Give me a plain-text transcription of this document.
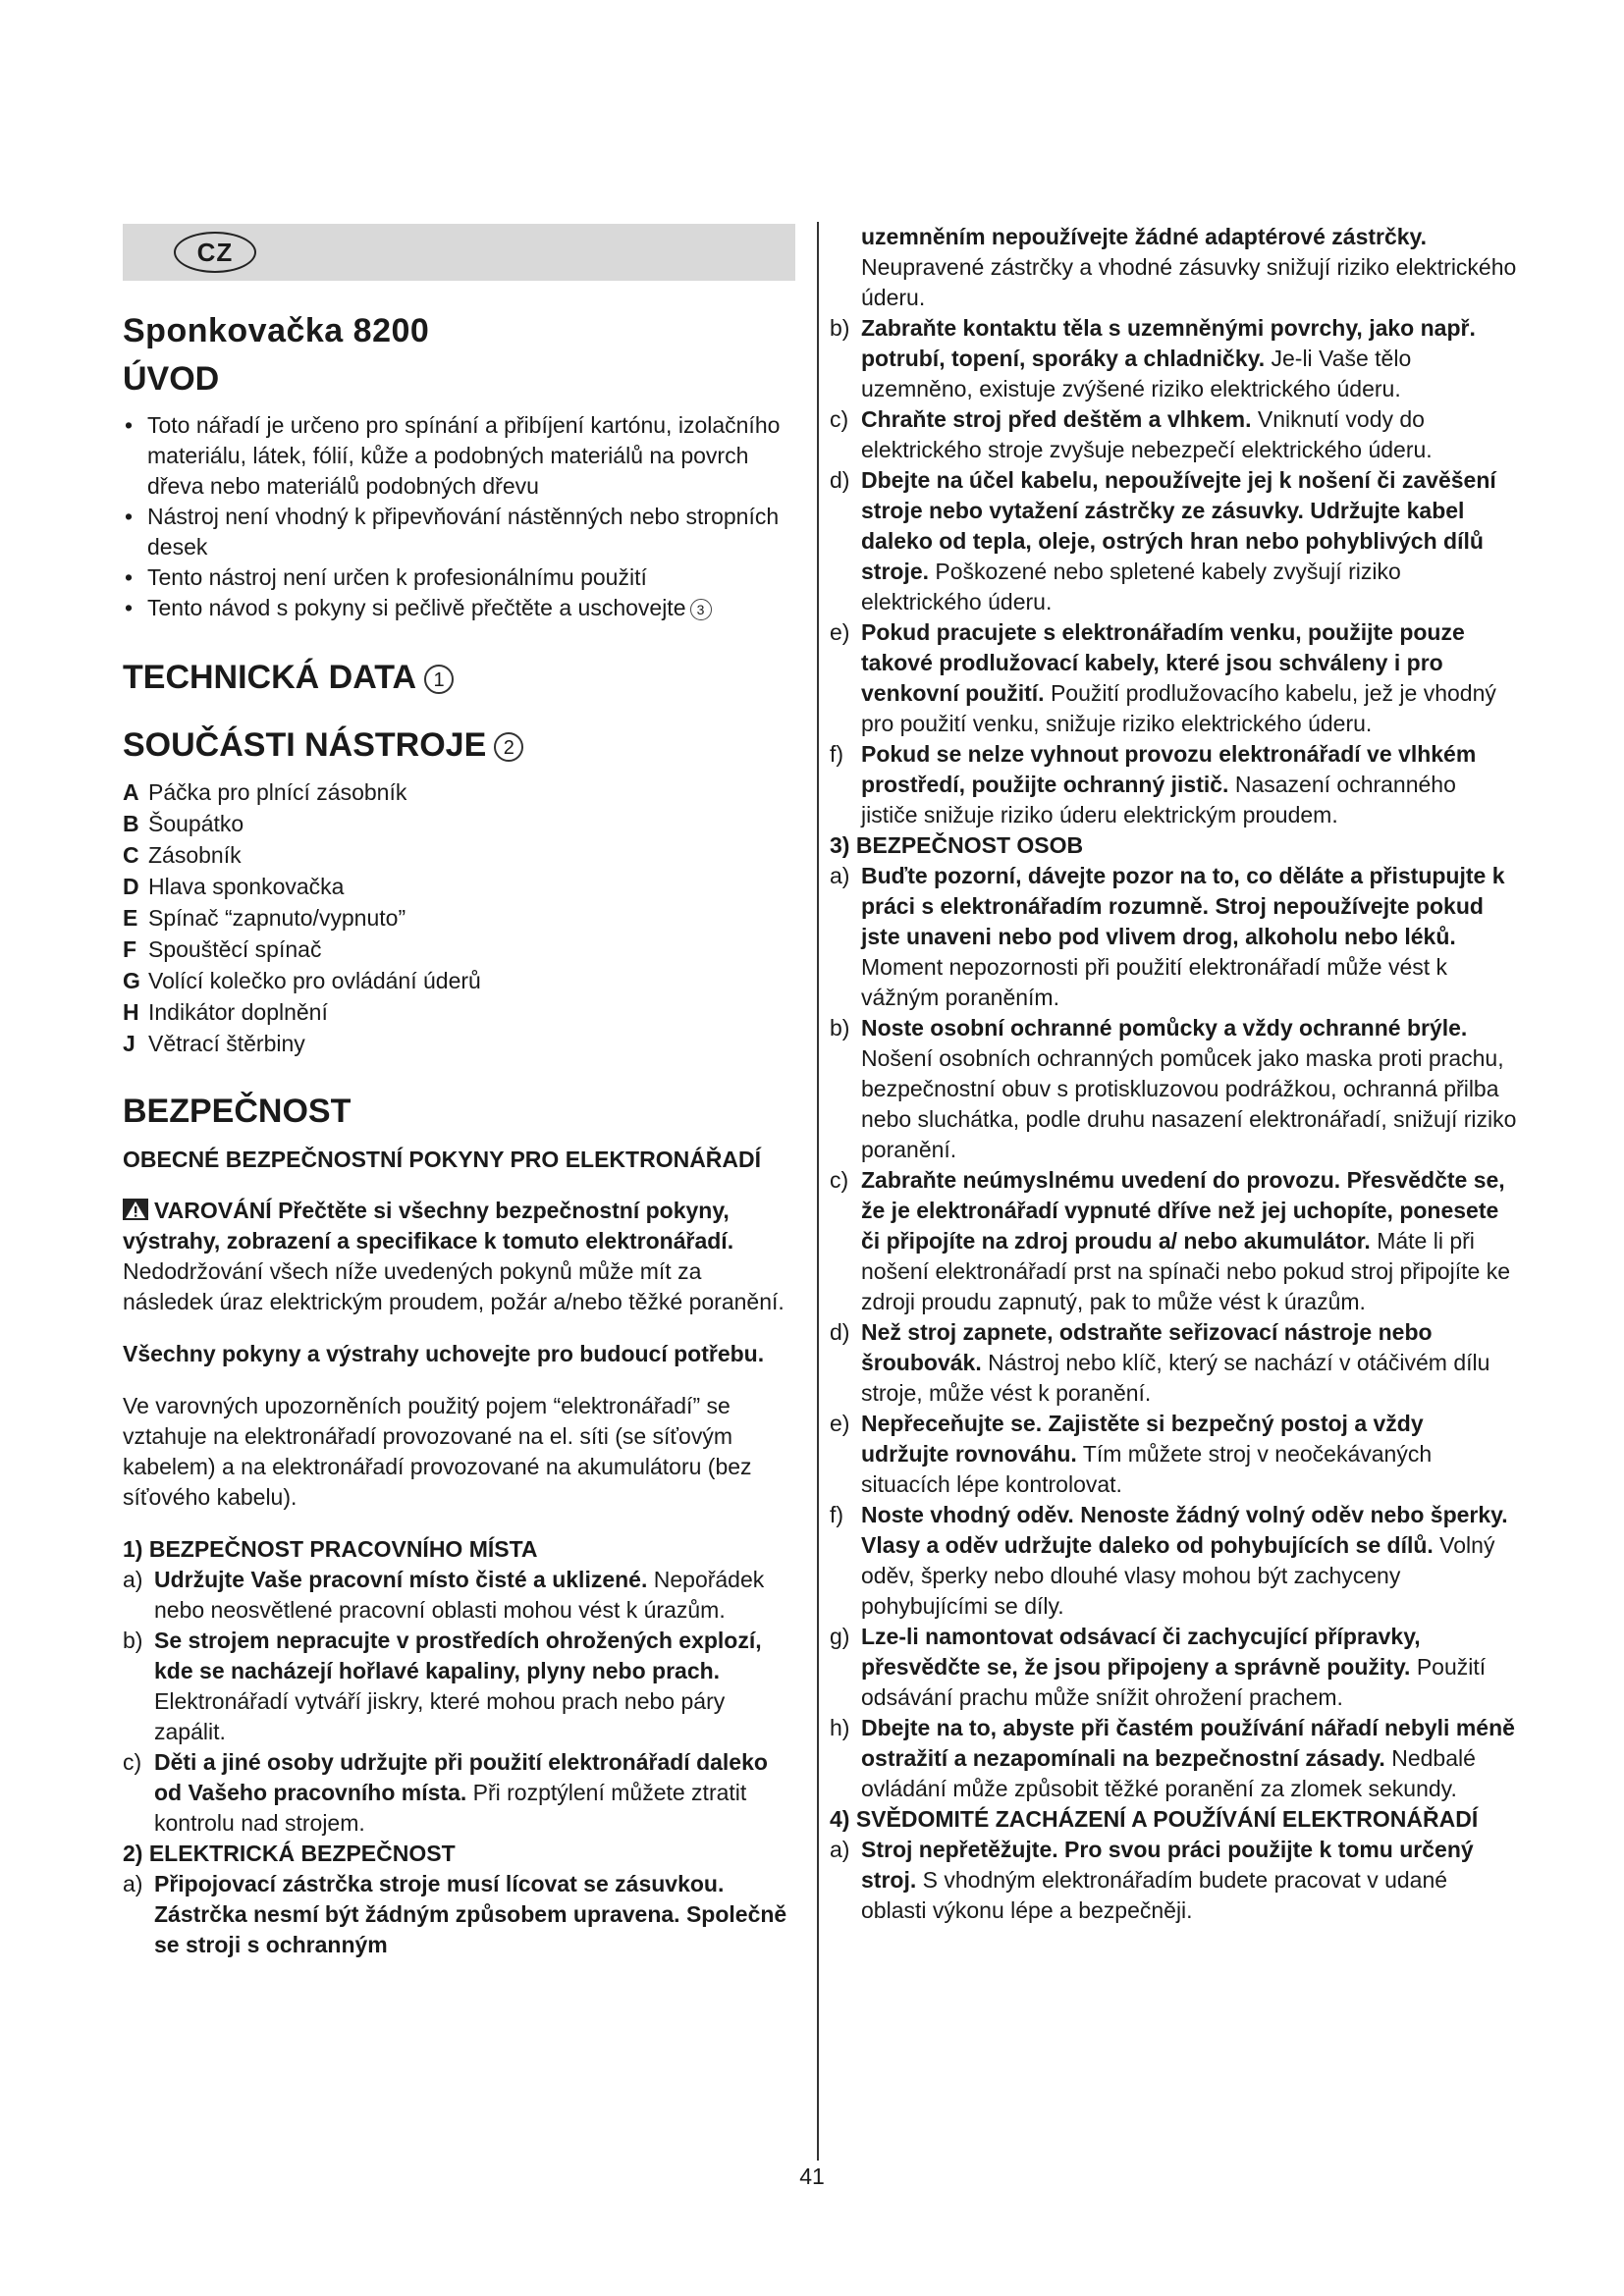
CZ
Sponkovačka 8200
ÚVOD
• Toto nářadí je určeno pro spínání a přibíjení kartónu, izolačního materiálu, látek, fólií, kůže a podobných materiálů na povrch dřeva nebo materiálů podobných dřevu
• Nástroj není vhodný k připevňování nástěnných nebo stropních desek
• Tento nástroj není určen k profesionálnímu použití
• Tento návod s pokyny si pečlivě přečtěte a uschovejte 3
TECHNICKÁ DATA 1
SOUČÁSTI NÁSTROJE 2
A Páčka pro plnící zásobník
B Šoupátko
C Zásobník
D Hlava sponkovačka
E Spínač “zapnuto/vypnuto”
F Spouštěcí spínač
G Volící kolečko pro ovládání úderů
H Indikátor doplnění
J Větrací štěrbiny
BEZPEČNOST
OBECNÉ BEZPEČNOSTNÍ POKYNY PRO ELEKTRONÁŘADÍ

VAROVÁNÍ Přečtěte si všechny bezpečnostní pokyny, výstrahy, zobrazení a specifikace k tomuto elektronářadí. Nedodržování všech níže uvedených pokynů může mít za následek úraz elektrickým proudem, požár a/nebo těžké poranění.

Všechny pokyny a výstrahy uchovejte pro budoucí potřebu.

Ve varovných upozorněních použitý pojem “elektronářadí” se vztahuje na elektronářadí provozované na el. síti (se síťovým kabelem) a na elektronářadí provozované na akumulátoru (bez síťového kabelu).

1) BEZPEČNOST PRACOVNÍHO MÍSTA
a) Udržujte Vaše pracovní místo čisté a uklizené. Nepořádek nebo neosvětlené pracovní oblasti mohou vést k úrazům.
b) Se strojem nepracujte v prostředích ohrožených explozí, kde se nacházejí hořlavé kapaliny, plyny nebo prach. Elektronářadí vytváří jiskry, které mohou prach nebo páry zapálit.
c) Děti a jiné osoby udržujte při použití elektronářadí daleko od Vašeho pracovního místa. Při rozptýlení můžete ztratit kontrolu nad strojem.
2) ELEKTRICKÁ BEZPEČNOST
a) Připojovací zástrčka stroje musí lícovat se zásuvkou. Zástrčka nesmí být žádným způsobem upravena. Společně se stroji s ochranným
uzemněním nepoužívejte žádné adaptérové zástrčky. Neupravené zástrčky a vhodné zásuvky snižují riziko elektrického úderu.
b) Zabraňte kontaktu těla s uzemněnými povrchy, jako např. potrubí, topení, sporáky a chladničky. Je-li Vaše tělo uzemněno, existuje zvýšené riziko elektrického úderu.
c) Chraňte stroj před deštěm a vlhkem. Vniknutí vody do elektrického stroje zvyšuje nebezpečí elektrického úderu.
d) Dbejte na účel kabelu, nepoužívejte jej k nošení či zavěšení stroje nebo vytažení zástrčky ze zásuvky. Udržujte kabel daleko od tepla, oleje, ostrých hran nebo pohyblivých dílů stroje. Poškozené nebo spletené kabely zvyšují riziko elektrického úderu.
e) Pokud pracujete s elektronářadím venku, použijte pouze takové prodlužovací kabely, které jsou schváleny i pro venkovní použití. Použití prodlužovacího kabelu, jež je vhodný pro použití venku, snižuje riziko elektrického úderu.
f) Pokud se nelze vyhnout provozu elektronářadí ve vlhkém prostředí, použijte ochranný jistič. Nasazení ochranného jističe snižuje riziko úderu elektrickým proudem.
3) BEZPEČNOST OSOB
a) Buďte pozorní, dávejte pozor na to, co děláte a přistupujte k práci s elektronářadím rozumně. Stroj nepoužívejte pokud jste unaveni nebo pod vlivem drog, alkoholu nebo léků. Moment nepozornosti při použití elektronářadí může vést k vážným poraněním.
b) Noste osobní ochranné pomůcky a vždy ochranné brýle. Nošení osobních ochranných pomůcek jako maska proti prachu, bezpečnostní obuv s protiskluzovou podrážkou, ochranná přilba nebo sluchátka, podle druhu nasazení elektronářadí, snižují riziko poranění.
c) Zabraňte neúmyslnému uvedení do provozu. Přesvědčte se, že je elektronářadí vypnuté dříve než jej uchopíte, ponesete či připojíte na zdroj proudu a/ nebo akumulátor. Máte li při nošení elektronářadí prst na spínači nebo pokud stroj připojíte ke zdroji proudu zapnutý, pak to může vést k úrazům.
d) Než stroj zapnete, odstraňte seřizovací nástroje nebo šroubovák. Nástroj nebo klíč, který se nachází v otáčivém dílu stroje, může vést k poranění.
e) Nepřeceňujte se. Zajistěte si bezpečný postoj a vždy udržujte rovnováhu. Tím můžete stroj v neočekávaných situacích lépe kontrolovat.
f) Noste vhodný oděv. Nenoste žádný volný oděv nebo šperky. Vlasy a oděv udržujte daleko od pohybujících se dílů. Volný oděv, šperky nebo dlouhé vlasy mohou být zachyceny pohybujícími se díly.
g) Lze-li namontovat odsávací či zachycující přípravky, přesvědčte se, že jsou připojeny a správně použity. Použití odsávání prachu může snížit ohrožení prachem.
h) Dbejte na to, abyste při častém používání nářadí nebyli méně ostražití a nezapomínali na bezpečnostní zásady. Nedbalé ovládání může způsobit těžké poranění za zlomek sekundy.
4) SVĚDOMITÉ ZACHÁZENÍ A POUŽÍVÁNÍ ELEKTRONÁŘADÍ
a) Stroj nepřetěžujte. Pro svou práci použijte k tomu určený stroj. S vhodným elektronářadím budete pracovat v udané oblasti výkonu lépe a bezpečněji.
41
